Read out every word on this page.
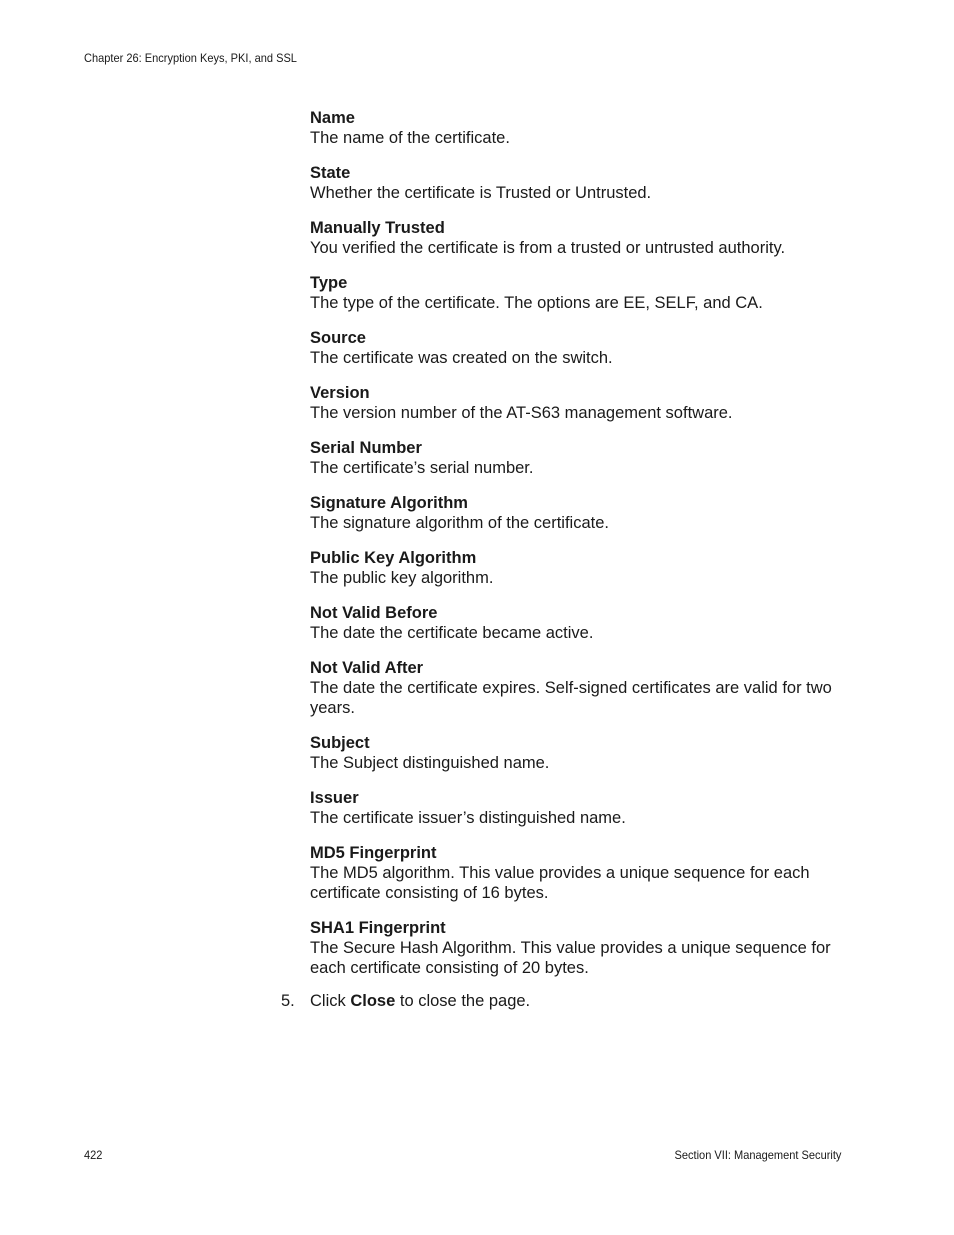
Chapter 26: Encryption Keys, PKI, and SSL
Name
The name of the certificate.
State
Whether the certificate is Trusted or Untrusted.
Manually Trusted
You verified the certificate is from a trusted or untrusted authority.
Type
The type of the certificate. The options are EE, SELF, and CA.
Source
The certificate was created on the switch.
Version
The version number of the AT-S63 management software.
Serial Number
The certificate’s serial number.
Signature Algorithm
The signature algorithm of the certificate.
Public Key Algorithm
The public key algorithm.
Not Valid Before
The date the certificate became active.
Not Valid After
The date the certificate expires. Self-signed certificates are valid for two years.
Subject
The Subject distinguished name.
Issuer
The certificate issuer’s distinguished name.
MD5 Fingerprint
The MD5 algorithm. This value provides a unique sequence for each certificate consisting of 16 bytes.
SHA1 Fingerprint
The Secure Hash Algorithm. This value provides a unique sequence for each certificate consisting of 20 bytes.
5. Click Close to close the page.
422	Section VII: Management Security
